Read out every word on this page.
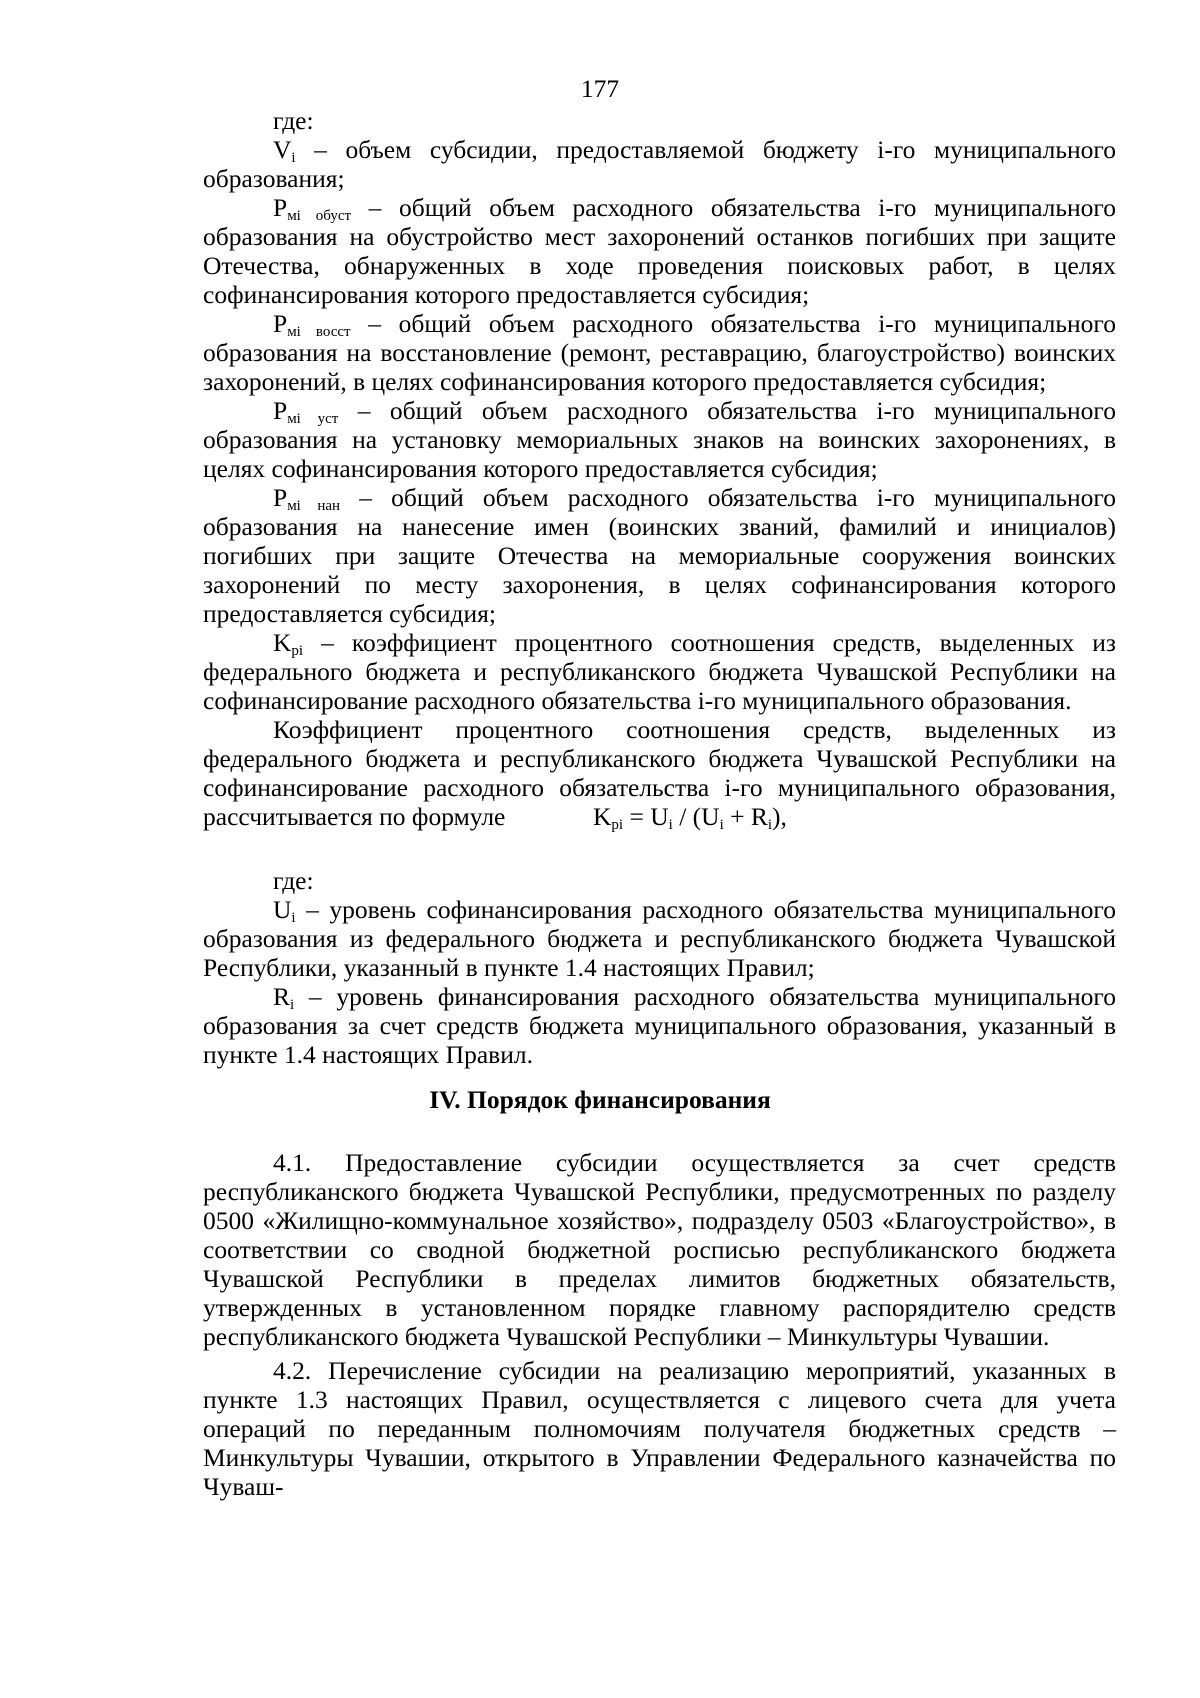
177
где:
$V_i$ – объем субсидии, предоставляемой бюджету i-го муниципального образования;
$P_{мi обуст}$ – общий объем расходного обязательства i-го муниципального образования на обустройство мест захоронений останков погибших при защите Отечества, обнаруженных в ходе проведения поисковых работ, в целях софинансирования которого предоставляется субсидия;
$P_{мi восст}$ – общий объем расходного обязательства i-го муниципального образования на восстановление (ремонт, реставрацию, благоустройство) воинских захоронений, в целях софинансирования которого предоставляется субсидия;
$P_{мi уст}$ – общий объем расходного обязательства i-го муниципального образования на установку мемориальных знаков на воинских захоронениях, в целях софинансирования которого предоставляется субсидия;
$P_{мi нан}$ – общий объем расходного обязательства i-го муниципального образования на нанесение имен (воинских званий, фамилий и инициалов) погибших при защите Отечества на мемориальные сооружения воинских захоронений по месту захоронения, в целях софинансирования которого предоставляется субсидия;
$K_{pi}$ – коэффициент процентного соотношения средств, выделенных из федерального бюджета и республиканского бюджета Чувашской Республики на софинансирование расходного обязательства i-го муниципального образования.
Коэффициент процентного соотношения средств, выделенных из федерального бюджета и республиканского бюджета Чувашской Республики на софинансирование расходного обязательства i-го муниципального образования, рассчитывается по формуле	$K_{pi} = U_i / (U_i + R_i)$,
где:
$U_i$ – уровень софинансирования расходного обязательства муниципального образования из федерального бюджета и республиканского бюджета Чувашской Республики, указанный в пункте 1.4 настоящих Правил;
$R_i$ – уровень финансирования расходного обязательства муниципального образования за счет средств бюджета муниципального образования, указанный в пункте 1.4 настоящих Правил.
IV. Порядок финансирования
4.1. Предоставление субсидии осуществляется за счет средств республиканского бюджета Чувашской Республики, предусмотренных по разделу 0500 «Жилищно-коммунальное хозяйство», подразделу 0503 «Благоустройство», в соответствии со сводной бюджетной росписью республиканского бюджета Чувашской Республики в пределах лимитов бюджетных обязательств, утвержденных в установленном порядке главному распорядителю средств республиканского бюджета Чувашской Республики – Минкультуры Чувашии.
4.2. Перечисление субсидии на реализацию мероприятий, указанных в пункте 1.3 настоящих Правил, осуществляется с лицевого счета для учета операций по переданным полномочиям получателя бюджетных средств – Минкультуры Чувашии, открытого в Управлении Федерального казначейства по Чуваш-
